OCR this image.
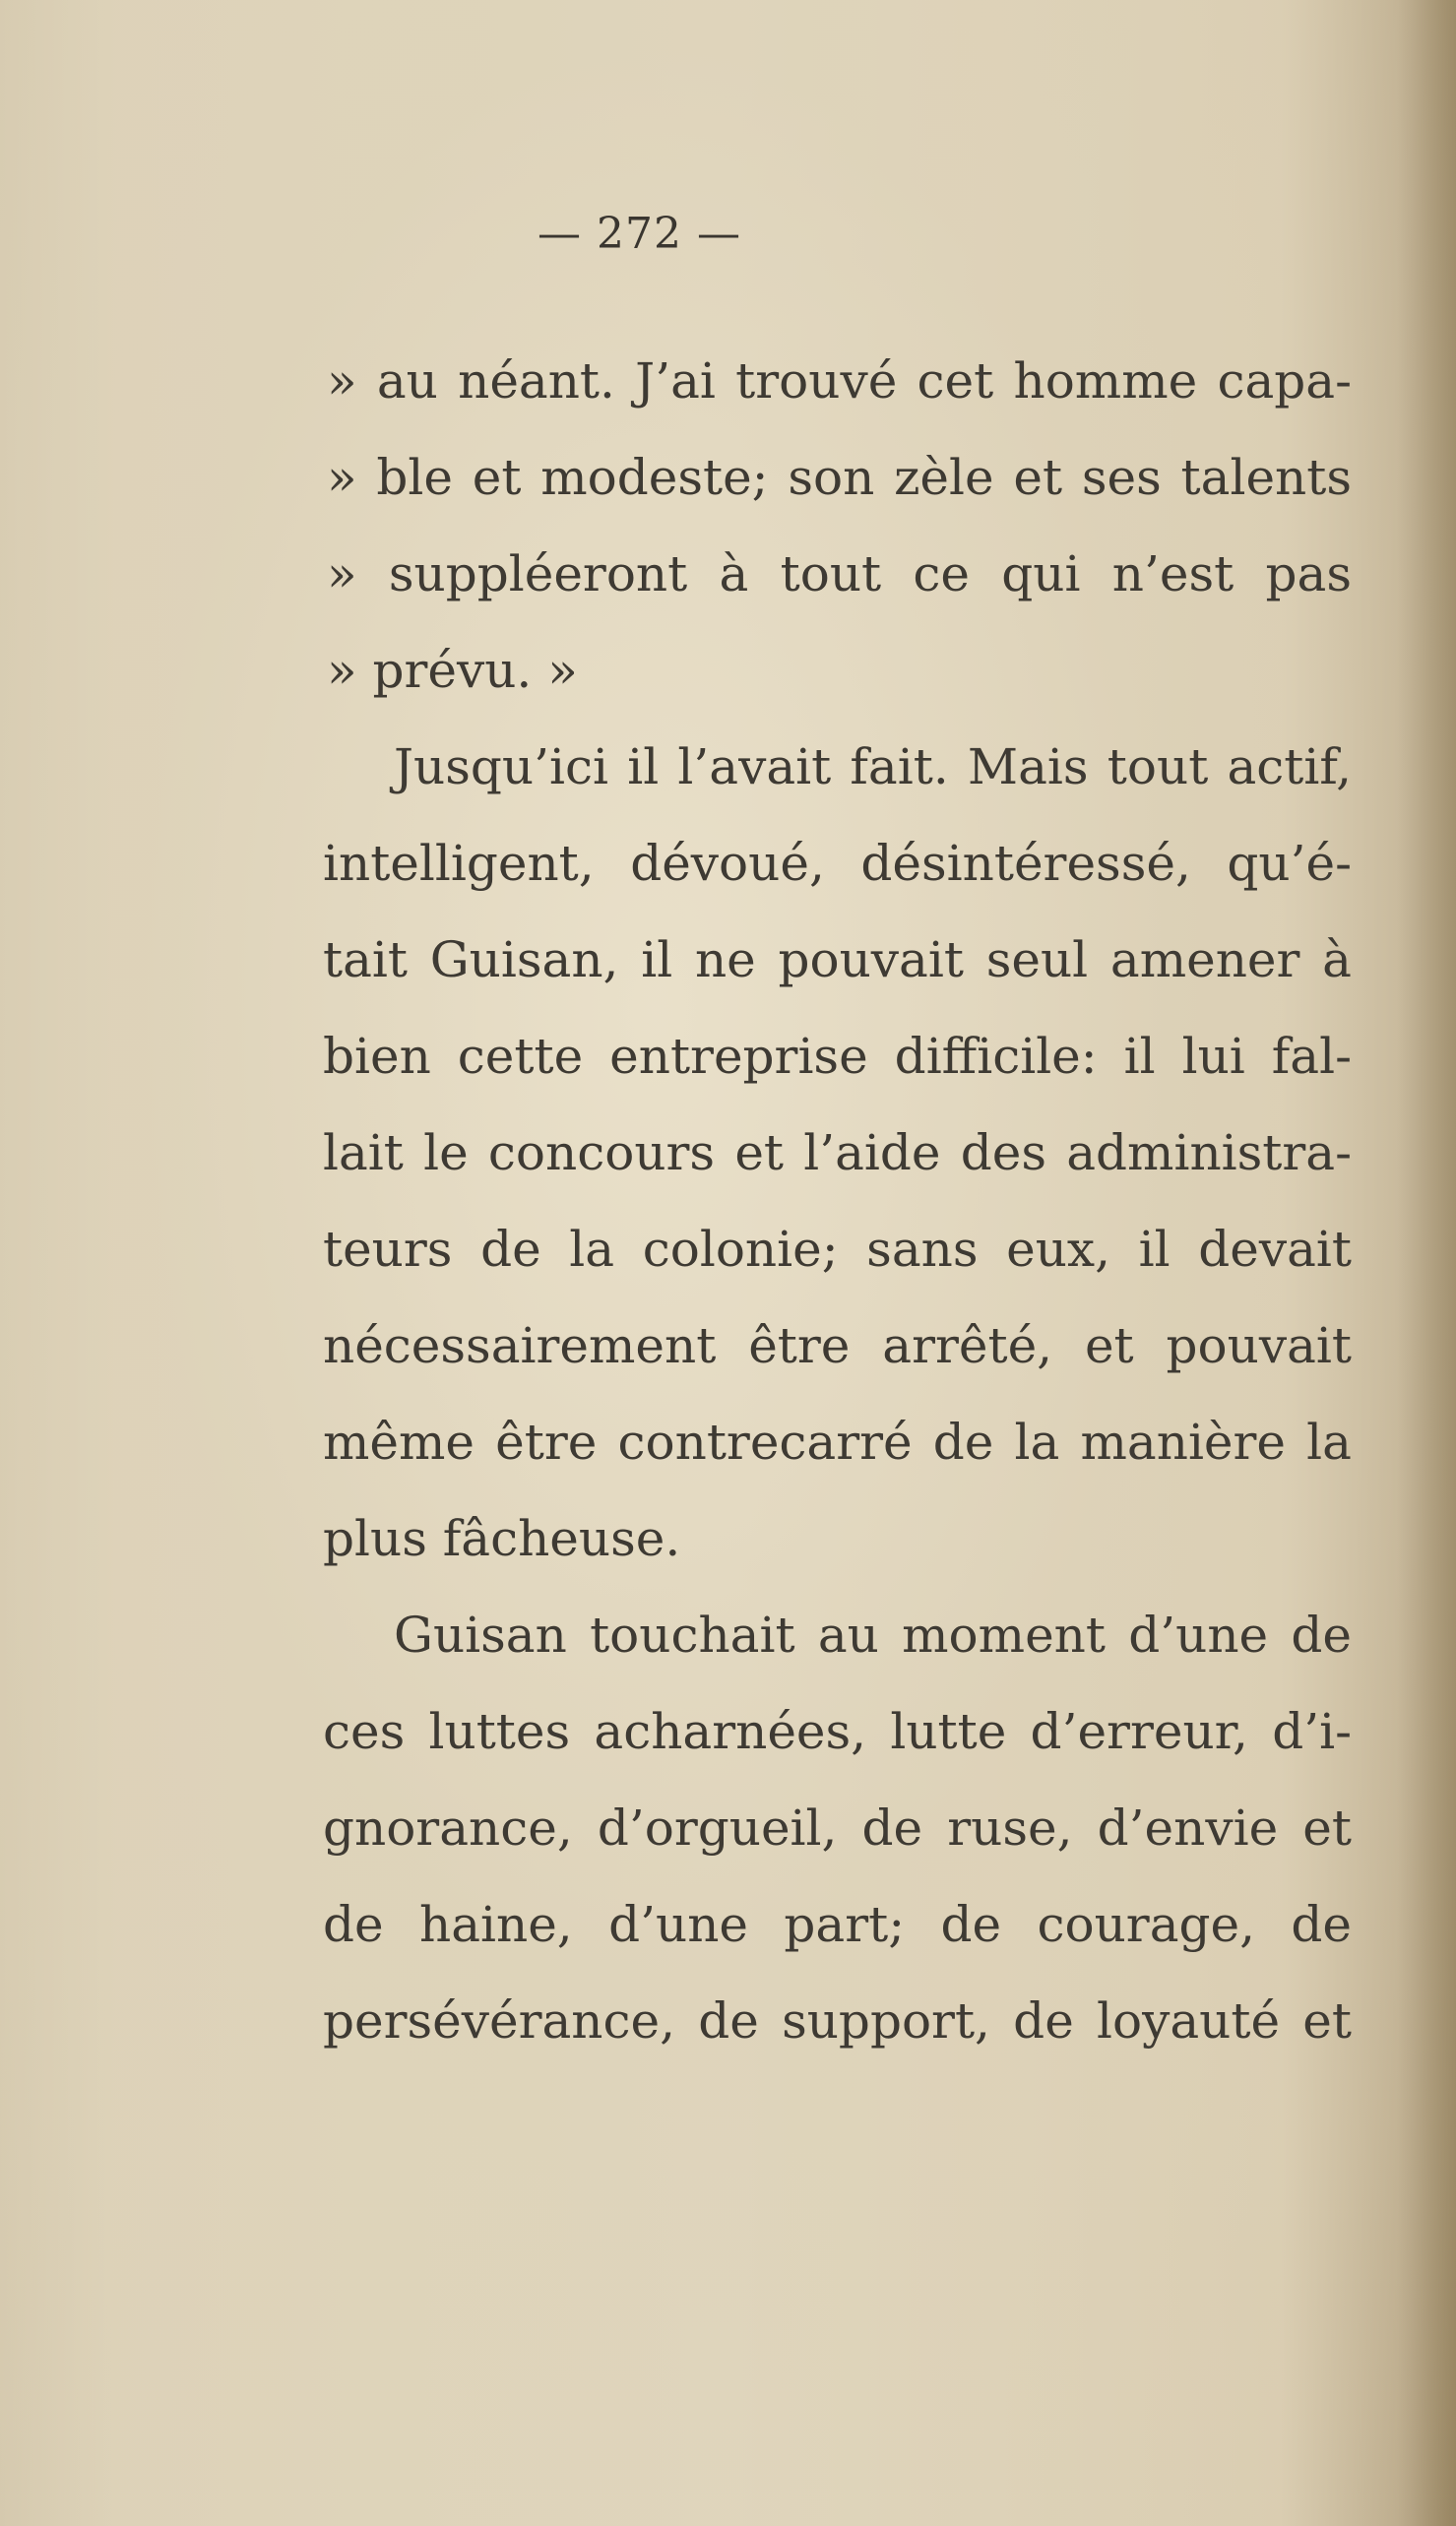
— 272 —
» au néant. J’ai trouvé cet homme capa-
» ble et modeste; son zèle et ses talents
» suppléeront à tout ce qui n’est pas
» prévu. »
Jusqu’ici il l’avait fait. Mais tout actif,
intelligent, dévoué, désintéressé, qu’é-
tait Guisan, il ne pouvait seul amener à
bien cette entreprise difficile: il lui fal-
lait le concours et l’aide des administra-
teurs de la colonie; sans eux, il devait
nécessairement être arrêté, et pouvait
même être contrecarré de la manière la
plus fâcheuse.
Guisan touchait au moment d’une de
ces luttes acharnées, lutte d’erreur, d’i-
gnorance, d’orgueil, de ruse, d’envie et
de haine, d’une part; de courage, de
persévérance, de support, de loyauté et
